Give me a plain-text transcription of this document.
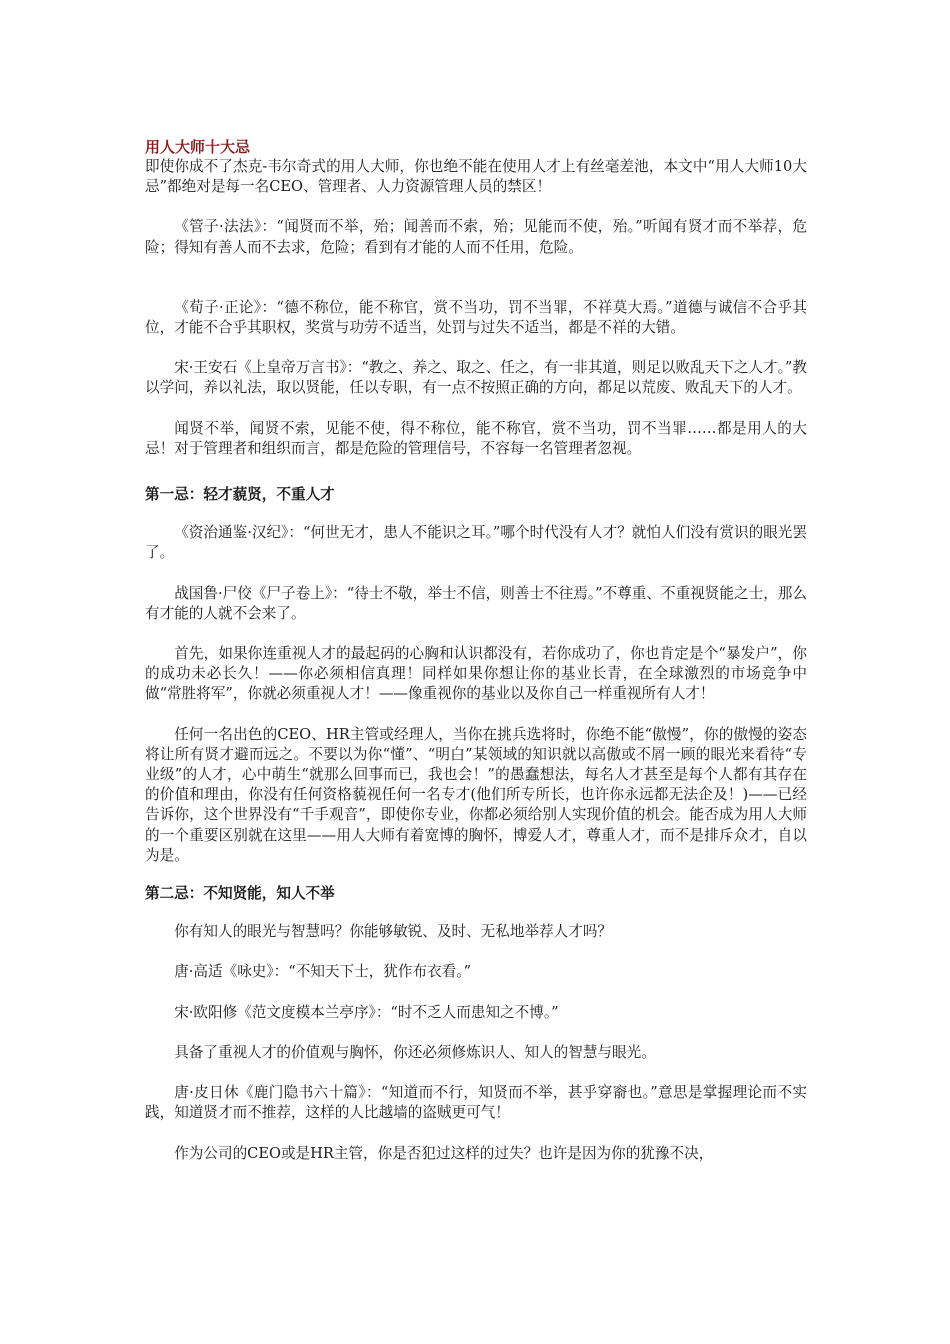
用人大师十大忌

即使你成不了杰克-韦尔奇式的用人大师，你也绝不能在使用人才上有丝毫差池，本文中“用人大师10大忌”都绝对是每一名CEO、管理者、人力资源管理人员的禁区！

《管子·法法》：“闻贤而不举，殆；闻善而不索，殆；见能而不使，殆。”听闻有贤才而不举荐，危险；得知有善人而不去求，危险；看到有才能的人而不任用，危险。

《荀子·正论》：“德不称位，能不称官，赏不当功，罚不当罪，不祥莫大焉。”道德与诚信不合乎其位，才能不合乎其职权，奖赏与功劳不适当，处罚与过失不适当，都是不祥的大错。

宋·王安石《上皇帝万言书》：“教之、养之、取之、任之，有一非其道，则足以败乱天下之人才。”教以学问，养以礼法，取以贤能，任以专职，有一点不按照正确的方向，都足以荒废、败乱天下的人才。

闻贤不举，闻贤不索，见能不使，得不称位，能不称官，赏不当功，罚不当罪……都是用人的大忌！对于管理者和组织而言，都是危险的管理信号，不容每一名管理者忽视。

第一忌：轻才藐贤，不重人才

《资治通鉴·汉纪》：“何世无才，患人不能识之耳。”哪个时代没有人才？就怕人们没有赏识的眼光罢了。

战国鲁·尸佼《尸子卷上》：“待士不敬，举士不信，则善士不往焉。”不尊重、不重视贤能之士，那么有才能的人就不会来了。

首先，如果你连重视人才的最起码的心胸和认识都没有，若你成功了，你也肯定是个“暴发户”，你的成功未必长久！——你必须相信真理！同样如果你想让你的基业长青，在全球激烈的市场竞争中做“常胜将军”，你就必须重视人才！——像重视你的基业以及你自己一样重视所有人才！

任何一名出色的CEO、HR主管或经理人，当你在挑兵选将时，你绝不能“傲慢”，你的傲慢的姿态将让所有贤才避而远之。不要以为你“懂”、“明白”某领域的知识就以高傲或不屑一顾的眼光来看待“专业级”的人才，心中萌生“就那么回事而已，我也会！”的愚蠢想法，每名人才甚至是每个人都有其存在的价值和理由，你没有任何资格藐视任何一名专才(他们所专所长，也许你永远都无法企及！)——已经告诉你，这个世界没有“千手观音”，即使你专业，你都必须给别人实现价值的机会。能否成为用人大师的一个重要区别就在这里——用人大师有着宽博的胸怀，博爱人才，尊重人才，而不是排斥众才，自以为是。

第二忌：不知贤能，知人不举

你有知人的眼光与智慧吗？你能够敏锐、及时、无私地举荐人才吗？

唐·高适《咏史》：“不知天下士，犹作布衣看。”

宋·欧阳修《范文度模本兰亭序》：“时不乏人而患知之不博。”

具备了重视人才的价值观与胸怀，你还必须修炼识人、知人的智慧与眼光。

唐·皮日休《鹿门隐书六十篇》：“知道而不行，知贤而不举，甚乎穿窬也。”意思是掌握理论而不实践，知道贤才而不推荐，这样的人比越墙的盗贼更可气！

作为公司的CEO或是HR主管，你是否犯过这样的过失？也许是因为你的犹豫不决，
